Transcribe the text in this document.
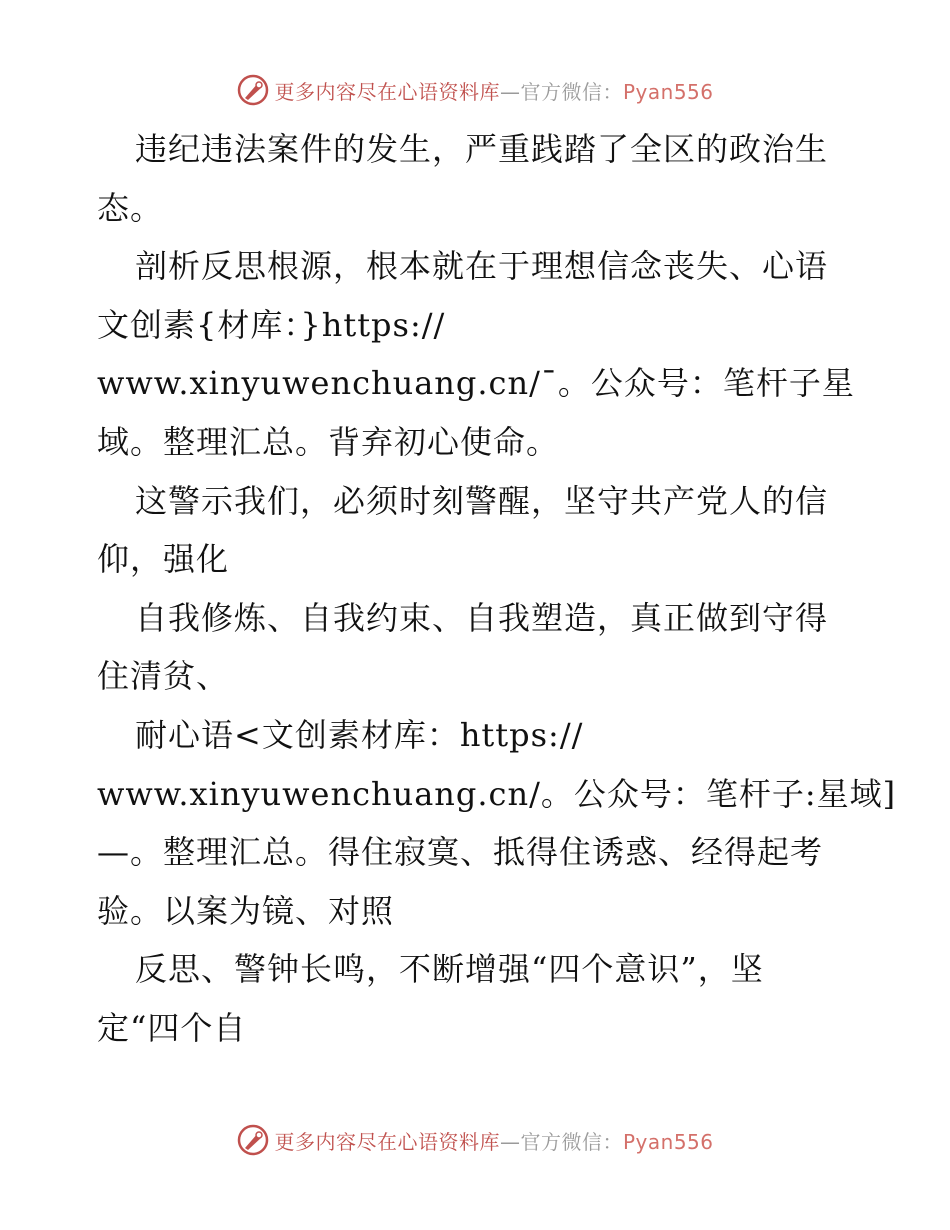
更多内容尽在心语资料库—官方微信：Pyan556
违纪违法案件的发生，严重践踏了全区的政治生
态。
剖析反思根源，根本就在于理想信念丧失、心语
文创素{材库：}https://
www.xinyuwenchuang.cn/¯。公众号：笔杆子星
域。整理汇总。背弃初心使命。
这警示我们，必须时刻警醒，坚守共产党人的信
仰，强化
自我修炼、自我约束、自我塑造，真正做到守得
住清贫、
耐心语<文创素材库：https://
www.xinyuwenchuang.cn/。公众号：笔杆子:星域]
—。整理汇总。得住寂寞、抵得住诱惑、经得起考
验。以案为镜、对照
反思、警钟长鸣，不断增强“四个意识”，坚
定“四个自
更多内容尽在心语资料库—官方微信：Pyan556
